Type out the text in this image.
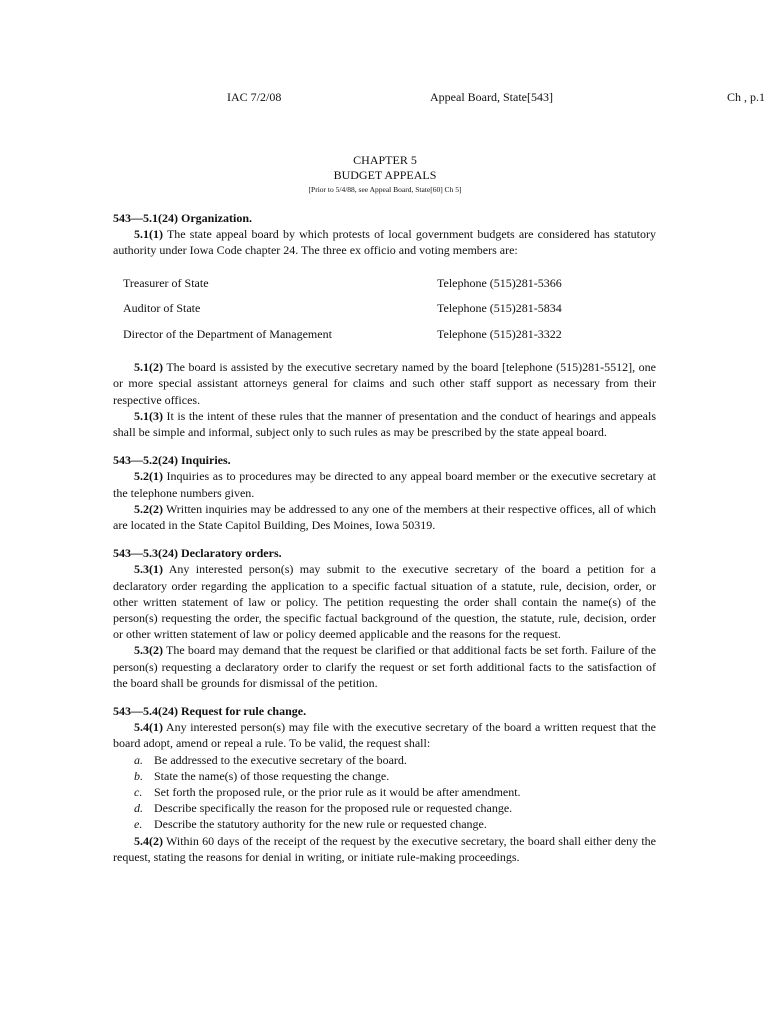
IAC 7/2/08	Appeal Board, State[543]	Ch , p.1
CHAPTER 5
BUDGET APPEALS
[Prior to 5/4/88, see Appeal Board, State[60] Ch 5]

543—5.1(24) Organization.

5.1(1) The state appeal board by which protests of local government budgets are considered has statutory authority under Iowa Code chapter 24. The three ex officio and voting members are:

Treasurer of State	Telephone (515)281-5366
Auditor of State	Telephone (515)281-5834
Director of the Department of Management	Telephone (515)281-3322

5.1(2) The board is assisted by the executive secretary named by the board [telephone (515)281-5512], one or more special assistant attorneys general for claims and such other staff support as necessary from their respective offices.

5.1(3) It is the intent of these rules that the manner of presentation and the conduct of hearings and appeals shall be simple and informal, subject only to such rules as may be prescribed by the state appeal board.

543—5.2(24) Inquiries.

5.2(1) Inquiries as to procedures may be directed to any appeal board member or the executive secretary at the telephone numbers given.

5.2(2) Written inquiries may be addressed to any one of the members at their respective offices, all of which are located in the State Capitol Building, Des Moines, Iowa 50319.

543—5.3(24) Declaratory orders.

5.3(1) Any interested person(s) may submit to the executive secretary of the board a petition for a declaratory order regarding the application to a specific factual situation of a statute, rule, decision, order, or other written statement of law or policy. The petition requesting the order shall contain the name(s) of the person(s) requesting the order, the specific factual background of the question, the statute, rule, decision, order or other written statement of law or policy deemed applicable and the reasons for the request.

5.3(2) The board may demand that the request be clarified or that additional facts be set forth. Failure of the person(s) requesting a declaratory order to clarify the request or set forth additional facts to the satisfaction of the board shall be grounds for dismissal of the petition.

543—5.4(24) Request for rule change.

5.4(1) Any interested person(s) may file with the executive secretary of the board a written request that the board adopt, amend or repeal a rule. To be valid, the request shall:

a. Be addressed to the executive secretary of the board.
b. State the name(s) of those requesting the change.
c. Set forth the proposed rule, or the prior rule as it would be after amendment.
d. Describe specifically the reason for the proposed rule or requested change.
e. Describe the statutory authority for the new rule or requested change.

5.4(2) Within 60 days of the receipt of the request by the executive secretary, the board shall either deny the request, stating the reasons for denial in writing, or initiate rule-making proceedings.
